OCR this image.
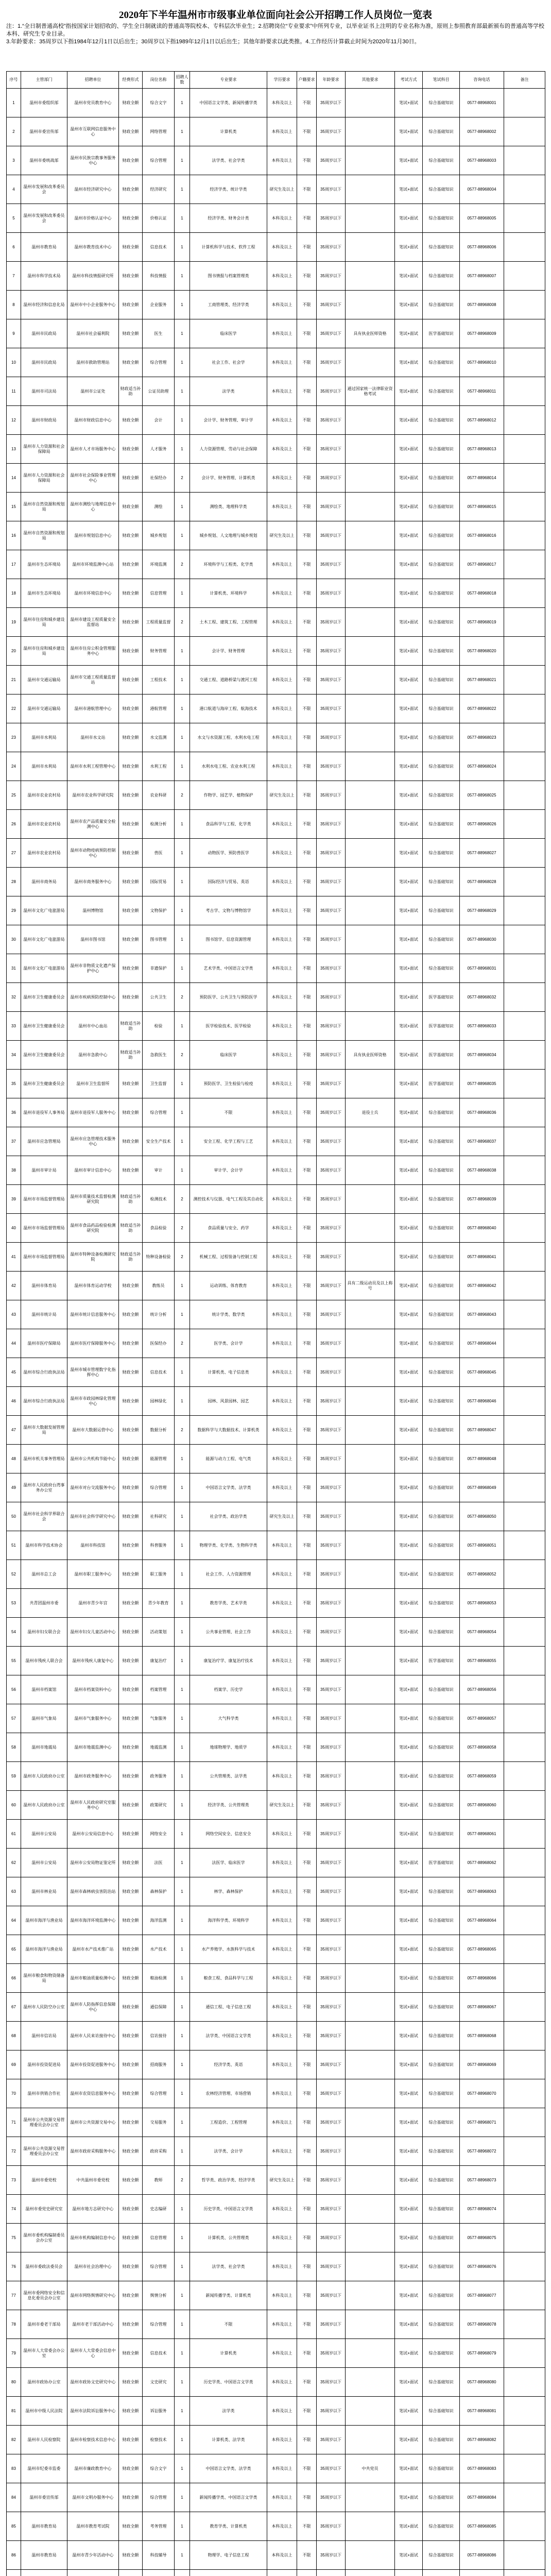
2020年下半年温州市市级事业单位面向社会公开招聘工作人员岗位一览表

注：1.“全日制普通高校”指按国家计划招收的、学生全日制就读的普通高等院校本、专科层次毕业生；2.招聘岗位“专业要求”中所列专业，以毕业证书上注明的专业名称为准，原则上参照教育部最新颁布的普通高等学校本科、研究生专业目录。

3.年龄要求：35周岁以下指1984年12月1日以后出生；30周岁以下指1989年12月1日以后出生；其他年龄要求以此类推。4.工作经历计算截止时间为2020年11月30日。

序号	主管部门	招聘单位	经费形式	岗位名称	招聘人数	专业要求	学历要求	户籍要求	年龄要求	其他要求	考试方式	笔试科目	咨询电话	备注
1	温州市委组织部	温州市党员教育中心	财政全额	综合文字	1	中国语言文学类、新闻传播学类	本科及以上	不限	35周岁以下		笔试+面试	综合基础知识	0577-88968001	
2	温州市委宣传部	温州市互联网信息服务中心	财政全额	网络管理	1	计算机类	本科及以上	不限	35周岁以下		笔试+面试	综合基础知识	0577-88968002	
3	温州市委统战部	温州市民族宗教事务服务中心	财政全额	综合管理	1	法学类、社会学类	本科及以上	不限	35周岁以下		笔试+面试	综合基础知识	0577-88968003	
4	温州市发展和改革委员会	温州市经济研究中心	财政全额	经济研究	1	经济学类、统计学类	研究生及以上	不限	35周岁以下		笔试+面试	综合基础知识	0577-88968004	
5	温州市发展和改革委员会	温州市价格认证中心	财政全额	价格认证	1	经济学类、财务会计类	本科及以上	不限	35周岁以下		笔试+面试	综合基础知识	0577-88968005	
6	温州市教育局	温州市教育技术中心	财政全额	信息技术	1	计算机科学与技术、软件工程	本科及以上	不限	35周岁以下		笔试+面试	综合基础知识	0577-88968006	
7	温州市科学技术局	温州市科技情报研究所	财政全额	科技情报	1	图书情报与档案管理类	本科及以上	不限	35周岁以下		笔试+面试	综合基础知识	0577-88968007	
8	温州市经济和信息化局	温州市中小企业服务中心	财政全额	企业服务	1	工商管理类、经济学类	本科及以上	不限	35周岁以下		笔试+面试	综合基础知识	0577-88968008	
9	温州市民政局	温州市社会福利院	财政全额	医生	1	临床医学	本科及以上	不限	35周岁以下	具有执业医师资格	笔试+面试	医学基础知识	0577-88968009	
10	温州市民政局	温州市救助管理站	财政全额	综合管理	1	社会工作、社会学	本科及以上	不限	35周岁以下		笔试+面试	综合基础知识	0577-88968010	
11	温州市司法局	温州市公证处	财政适当补助	公证员助理	1	法学类	本科及以上	不限	35周岁以下	通过国家统一法律职业资格考试	笔试+面试	综合基础知识	0577-88968011	
12	温州市财政局	温州市财政信息中心	财政全额	会计	1	会计学、财务管理、审计学	本科及以上	不限	35周岁以下		笔试+面试	综合基础知识	0577-88968012	
13	温州市人力资源和社会保障局	温州市人才市场服务中心	财政全额	人才服务	1	人力资源管理、劳动与社会保障	本科及以上	不限	35周岁以下		笔试+面试	综合基础知识	0577-88968013	
14	温州市人力资源和社会保障局	温州市社会保险事业管理中心	财政全额	社保经办	2	会计学、财务管理、计算机类	本科及以上	不限	35周岁以下		笔试+面试	综合基础知识	0577-88968014	
15	温州市自然资源和规划局	温州市测绘与地理信息中心	财政全额	测绘	1	测绘类、地理科学类	本科及以上	不限	35周岁以下		笔试+面试	综合基础知识	0577-88968015	
16	温州市自然资源和规划局	温州市规划信息中心	财政全额	城乡规划	1	城乡规划、人文地理与城乡规划	研究生及以上	不限	35周岁以下		笔试+面试	综合基础知识	0577-88968016	
17	温州市生态环境局	温州市环境监测中心站	财政全额	环境监测	2	环境科学与工程类、化学类	本科及以上	不限	35周岁以下		笔试+面试	综合基础知识	0577-88968017	
18	温州市生态环境局	温州市环境信息中心	财政全额	信息管理	1	计算机类、环境科学	本科及以上	不限	35周岁以下		笔试+面试	综合基础知识	0577-88968018	
19	温州市住房和城乡建设局	温州市建设工程质量安全监督站	财政全额	工程质量监督	2	土木工程、建筑工程、工程管理	本科及以上	不限	35周岁以下		笔试+面试	综合基础知识	0577-88968019	
20	温州市住房和城乡建设局	温州市住房公积金管理服务中心	财政全额	财务管理	1	会计学、财务管理	本科及以上	不限	35周岁以下		笔试+面试	综合基础知识	0577-88968020	
21	温州市交通运输局	温州市交通工程质量监督站	财政全额	工程技术	1	交通工程、道路桥梁与渡河工程	本科及以上	不限	35周岁以下		笔试+面试	综合基础知识	0577-88968021	
22	温州市交通运输局	温州市港航管理中心	财政全额	港航管理	1	港口航道与海岸工程、航海技术	本科及以上	不限	35周岁以下		笔试+面试	综合基础知识	0577-88968022	
23	温州市水利局	温州市水文站	财政全额	水文监测	1	水文与水资源工程、水利水电工程	本科及以上	不限	35周岁以下		笔试+面试	综合基础知识	0577-88968023	
24	温州市水利局	温州市水利工程管理中心	财政全额	水利工程	1	水利水电工程、农业水利工程	本科及以上	不限	35周岁以下		笔试+面试	综合基础知识	0577-88968024	
25	温州市农业农村局	温州市农业科学研究院	财政全额	农业科研	2	作物学、园艺学、植物保护	研究生及以上	不限	35周岁以下		笔试+面试	综合基础知识	0577-88968025	
26	温州市农业农村局	温州市农产品质量安全检测中心	财政全额	检测分析	1	食品科学与工程、化学类	本科及以上	不限	35周岁以下		笔试+面试	综合基础知识	0577-88968026	
27	温州市农业农村局	温州市动物疫病预防控制中心	财政全额	兽医	1	动物医学、预防兽医学	本科及以上	不限	35周岁以下		笔试+面试	综合基础知识	0577-88968027	
28	温州市商务局	温州市商务服务中心	财政全额	国际贸易	1	国际经济与贸易、英语	本科及以上	不限	35周岁以下		笔试+面试	综合基础知识	0577-88968028	
29	温州市文化广电旅游局	温州博物馆	财政全额	文物保护	1	考古学、文物与博物馆学	本科及以上	不限	35周岁以下		笔试+面试	综合基础知识	0577-88968029	
30	温州市文化广电旅游局	温州市图书馆	财政全额	图书管理	1	图书馆学、信息资源管理	本科及以上	不限	35周岁以下		笔试+面试	综合基础知识	0577-88968030	
31	温州市文化广电旅游局	温州市非物质文化遗产保护中心	财政全额	非遗保护	1	艺术学类、中国语言文学类	本科及以上	不限	35周岁以下		笔试+面试	综合基础知识	0577-88968031	
32	温州市卫生健康委员会	温州市疾病预防控制中心	财政全额	公共卫生	2	预防医学、公共卫生与预防医学	本科及以上	不限	35周岁以下		笔试+面试	医学基础知识	0577-88968032	
33	温州市卫生健康委员会	温州市中心血站	财政适当补助	检验	1	医学检验技术、医学检验	本科及以上	不限	35周岁以下		笔试+面试	医学基础知识	0577-88968033	
34	温州市卫生健康委员会	温州市急救中心	财政适当补助	急救医生	2	临床医学	本科及以上	不限	35周岁以下	具有执业医师资格	笔试+面试	医学基础知识	0577-88968034	
35	温州市卫生健康委员会	温州市卫生监督所	财政全额	卫生监督	1	预防医学、卫生检验与检疫	本科及以上	不限	35周岁以下		笔试+面试	医学基础知识	0577-88968035	
36	温州市退役军人事务局	温州市退役军人服务中心	财政全额	综合管理	1	不限	本科及以上	不限	35周岁以下	退役士兵	笔试+面试	综合基础知识	0577-88968036	
37	温州市应急管理局	温州市应急管理技术服务中心	财政全额	安全生产技术	1	安全工程、化学工程与工艺	本科及以上	不限	35周岁以下		笔试+面试	综合基础知识	0577-88968037	
38	温州市审计局	温州市审计信息中心	财政全额	审计	1	审计学、会计学	本科及以上	不限	35周岁以下		笔试+面试	综合基础知识	0577-88968038	
39	温州市市场监督管理局	温州市质量技术监督检测研究院	财政适当补助	检测技术	2	测控技术与仪器、电气工程及其自动化	本科及以上	不限	35周岁以下		笔试+面试	综合基础知识	0577-88968039	
40	温州市市场监督管理局	温州市食品药品检验检测研究院	财政适当补助	食品检验	2	食品质量与安全、药学	本科及以上	不限	35周岁以下		笔试+面试	综合基础知识	0577-88968040	
41	温州市市场监督管理局	温州市特种设备检测研究院	财政适当补助	特种设备检验	2	机械工程、过程装备与控制工程	本科及以上	不限	35周岁以下		笔试+面试	综合基础知识	0577-88968041	
42	温州市体育局	温州市体育运动学校	财政全额	教练员	1	运动训练、体育教育	本科及以上	不限	35周岁以下	具有二级运动员及以上称号	笔试+面试	综合基础知识	0577-88968042	
43	温州市统计局	温州市统计信息服务中心	财政全额	统计分析	1	统计学类、数学类	本科及以上	不限	35周岁以下		笔试+面试	综合基础知识	0577-88968043	
44	温州市医疗保障局	温州市医疗保障服务中心	财政全额	医保经办	2	医学类、会计学	本科及以上	不限	35周岁以下		笔试+面试	综合基础知识	0577-88968044	
45	温州市综合行政执法局	温州市城市管理数字化指挥中心	财政全额	信息技术	1	计算机类、电子信息类	本科及以上	不限	35周岁以下		笔试+面试	综合基础知识	0577-88968045	
46	温州市综合行政执法局	温州市市政园林绿化管理中心	财政全额	园林绿化	1	园林、风景园林、园艺	本科及以上	不限	35周岁以下		笔试+面试	综合基础知识	0577-88968046	
47	温州市大数据发展管理局	温州市大数据运营中心	财政全额	数据分析	2	数据科学与大数据技术、计算机类	本科及以上	不限	35周岁以下		笔试+面试	综合基础知识	0577-88968047	
48	温州市机关事务管理局	温州市公共机构节能中心	财政全额	能源管理	1	能源与动力工程、电气类	本科及以上	不限	35周岁以下		笔试+面试	综合基础知识	0577-88968048	
49	温州市人民政府台湾事务办公室	温州市对台交流服务中心	财政全额	综合管理	1	中国语言文学类、法学类	本科及以上	不限	35周岁以下		笔试+面试	综合基础知识	0577-88968049	
50	温州市社会科学界联合会	温州市社会科学研究中心	财政全额	社科研究	1	社会学类、政治学类	研究生及以上	不限	35周岁以下		笔试+面试	综合基础知识	0577-88968050	
51	温州市科学技术协会	温州市科技馆	财政全额	科普服务	1	物理学类、化学类、生物科学类	本科及以上	不限	35周岁以下		笔试+面试	综合基础知识	0577-88968051	
52	温州市总工会	温州市职工服务中心	财政全额	职工服务	1	社会工作、人力资源管理	本科及以上	不限	35周岁以下		笔试+面试	综合基础知识	0577-88968052	
53	共青团温州市委	温州市青少年宫	财政全额	青少年教育	1	教育学类、艺术学类	本科及以上	不限	35周岁以下		笔试+面试	综合基础知识	0577-88968053	
54	温州市妇女联合会	温州市妇女儿童活动中心	财政全额	活动策划	1	公共事业管理、社会工作	本科及以上	不限	35周岁以下		笔试+面试	综合基础知识	0577-88968054	
55	温州市残疾人联合会	温州市残疾人康复中心	财政全额	康复治疗	1	康复治疗学、康复治疗技术	本科及以上	不限	35周岁以下		笔试+面试	医学基础知识	0577-88968055	
56	温州市档案馆	温州市档案资料中心	财政全额	档案管理	1	档案学、历史学	本科及以上	不限	35周岁以下		笔试+面试	综合基础知识	0577-88968056	
57	温州市气象局	温州市气象服务中心	财政全额	气象服务	1	大气科学类	本科及以上	不限	35周岁以下		笔试+面试	综合基础知识	0577-88968057	
58	温州市地震局	温州市地震监测中心	财政全额	地震监测	1	地球物理学、地质学	本科及以上	不限	35周岁以下		笔试+面试	综合基础知识	0577-88968058	
59	温州市人民政府办公室	温州市政务服务中心	财政全额	政务服务	1	公共管理类、法学类	本科及以上	不限	35周岁以下		笔试+面试	综合基础知识	0577-88968059	
60	温州市人民政府办公室	温州市人民政府研究室服务中心	财政全额	政策研究	1	经济学类、公共管理类	研究生及以上	不限	35周岁以下		笔试+面试	综合基础知识	0577-88968060	
61	温州市公安局	温州市公安局信息中心	财政全额	网络安全	1	网络空间安全、信息安全	本科及以上	不限	35周岁以下		笔试+面试	综合基础知识	0577-88968061	
62	温州市公安局	温州市公安局物证鉴定所	财政全额	法医	1	法医学、临床医学	本科及以上	不限	35周岁以下		笔试+面试	医学基础知识	0577-88968062	
63	温州市林业局	温州市森林病虫害防治站	财政全额	森林保护	1	林学、森林保护	本科及以上	不限	35周岁以下		笔试+面试	综合基础知识	0577-88968063	
64	温州市海洋与渔业局	温州市海洋环境监测中心	财政全额	海洋监测	1	海洋科学类、环境科学	本科及以上	不限	35周岁以下		笔试+面试	综合基础知识	0577-88968064	
65	温州市海洋与渔业局	温州市水产技术推广站	财政全额	水产技术	1	水产养殖学、水族科学与技术	本科及以上	不限	35周岁以下		笔试+面试	综合基础知识	0577-88968065	
66	温州市粮食和物资储备局	温州市粮油质量检测中心	财政全额	粮油检测	1	粮食工程、食品科学与工程	本科及以上	不限	35周岁以下		笔试+面试	综合基础知识	0577-88968066	
67	温州市人民防空办公室	温州市人防指挥信息保障中心	财政全额	通信保障	1	通信工程、电子信息工程	本科及以上	不限	35周岁以下		笔试+面试	综合基础知识	0577-88968067	
68	温州市信访局	温州市人民来访接待中心	财政全额	信访接待	1	法学类、中国语言文学类	本科及以上	不限	35周岁以下		笔试+面试	综合基础知识	0577-88968068	
69	温州市投资促进局	温州市投资促进服务中心	财政全额	招商服务	1	经济学类、英语	本科及以上	不限	35周岁以下		笔试+面试	综合基础知识	0577-88968069	
70	温州市供销合作社	温州市农资信息服务中心	财政全额	综合管理	1	农林经济管理、市场营销	本科及以上	不限	35周岁以下		笔试+面试	综合基础知识	0577-88968070	
71	温州市公共资源交易管理委员会办公室	温州市公共资源交易中心	财政全额	交易服务	1	工程造价、工程管理	本科及以上	不限	35周岁以下		笔试+面试	综合基础知识	0577-88968071	
72	温州市公共资源交易管理委员会办公室	温州市政府采购服务中心	财政全额	政府采购	1	法学类、会计学	本科及以上	不限	35周岁以下		笔试+面试	综合基础知识	0577-88968072	
73	温州市委党校	中共温州市委党校	财政全额	教师	2	哲学类、政治学类、经济学类	研究生及以上	不限	35周岁以下		笔试+面试	综合基础知识	0577-88968073	
74	温州市委党史研究室	温州市地方志研究中心	财政全额	史志编研	1	历史学类、中国语言文学类	本科及以上	不限	35周岁以下		笔试+面试	综合基础知识	0577-88968074	
75	温州市委机构编制委员会办公室	温州市机构编制信息中心	财政全额	信息管理	1	计算机类、公共管理类	本科及以上	不限	35周岁以下		笔试+面试	综合基础知识	0577-88968075	
76	温州市委政法委员会	温州市社会治理中心	财政全额	综合管理	1	法学类、社会学类	本科及以上	不限	35周岁以下		笔试+面试	综合基础知识	0577-88968076	
77	温州市委网络安全和信息化委员会办公室	温州市网络舆情研究中心	财政全额	舆情分析	1	新闻传播学类、计算机类	本科及以上	不限	35周岁以下		笔试+面试	综合基础知识	0577-88968077	
78	温州市委老干部局	温州市老干部活动中心	财政全额	综合管理	1	不限	本科及以上	不限	35周岁以下		笔试+面试	综合基础知识	0577-88968078	
79	温州市人大常委会办公室	温州市人大常委会信息中心	财政全额	信息技术	1	计算机类	本科及以上	不限	35周岁以下		笔试+面试	综合基础知识	0577-88968079	
80	温州市政协办公室	温州市政协文史研究中心	财政全额	文史研究	1	历史学类、中国语言文学类	本科及以上	不限	35周岁以下		笔试+面试	综合基础知识	0577-88968080	
81	温州市中级人民法院	温州市法院诉讼服务中心	财政全额	诉讼服务	1	法学类	本科及以上	不限	35周岁以下		笔试+面试	综合基础知识	0577-88968081	
82	温州市人民检察院	温州市检察技术信息中心	财政全额	检察技术	1	计算机类、法学类	本科及以上	不限	35周岁以下		笔试+面试	综合基础知识	0577-88968082	
83	温州市纪委市监委	温州市廉政教育中心	财政全额	综合文字	1	中国语言文学类、法学类	本科及以上	不限	35周岁以下	中共党员	笔试+面试	综合基础知识	0577-88968083	
84	温州市委宣传部	温州市文明办服务中心	财政全额	综合管理	1	新闻传播学类、中国语言文学类	本科及以上	不限	35周岁以下		笔试+面试	综合基础知识	0577-88968084	
85	温州市教育局	温州市教育考试院	财政全额	考务管理	1	教育学类、计算机类	本科及以上	不限	35周岁以下		笔试+面试	综合基础知识	0577-88968085	
86	温州市教育局	温州市青少年活动中心	财政全额	科技辅导	1	物理学、电子信息工程	本科及以上	不限	35周岁以下		笔试+面试	综合基础知识	0577-88968086	
